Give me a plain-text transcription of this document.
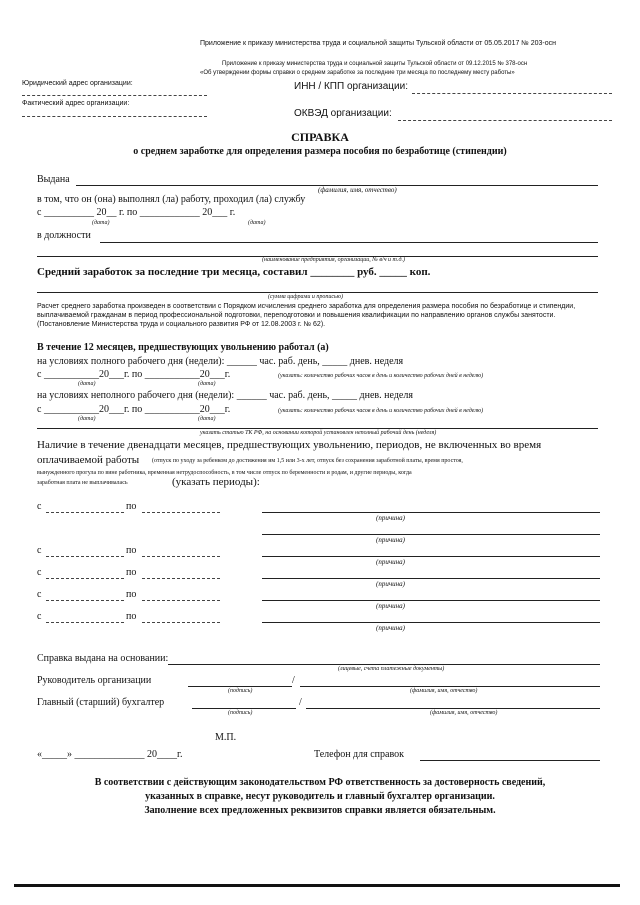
Приложение к приказу министерства труда и социальной защиты Тульской области от 05.05.2017 № 203-осн
Приложение к приказу министерства труда и социальной защиты Тульской области от 09.12.2015 № 378-осн
«Об утверждении формы справки о среднем заработке за последние три месяца по последнему месту работы»
Юридический адрес организации:	ИНН / КПП организации:
Фактический адрес организации:
ОКВЭД организации:
СПРАВКА
о среднем заработке для определения размера пособия по безработице (стипендии)
Выдана
(фамилия, имя, отчество)
в том, что он (она) выполнял (ла) работу, проходил (ла) службу
с __________ 20__ г. по ____________ 20___ г.
(дата)	(дата)
в должности
(наименование предприятия, организации, № в/ч и т.д.)
Средний заработок за последние три месяца, составил ________ руб. _____ коп.
(сумма цифрами и прописью)
Расчет среднего заработка произведен в соответствии с Порядком исчисления среднего заработка для определения размера пособия по безработице и стипендии, выплачиваемой гражданам в период профессиональной подготовки, переподготовки и повышения квалификации по направлению органов службы занятости. (Постановление Министерства труда и социального развития РФ от 12.08.2003 г. № 62).
В течение 12 месяцев, предшествующих увольнению работал (а)
на условиях полного рабочего дня (недели): ______ час. раб. день, _____ днев. неделя
с ___________20___г. по ___________20___г.	(указать: количество рабочих часов в день и количество рабочих дней в неделю)
(дата)	(дата)
на условиях неполного рабочего дня (недели): ______ час. раб. день, _____ днев. неделя
с ___________20___г. по ___________20___г.	(указать: количество рабочих часов в день и количество рабочих дней в неделю)
(дата)	(дата)
указать статью ТК РФ, на основании которой установлен неполный рабочий день (неделя)
Наличие в течение двенадцати месяцев, предшествующих увольнению, периодов, не включенных во время
оплачиваемой работы (отпуск по уходу за ребенком до достижения им 1,5 или 3-х лет, отпуск без сохранения заработной платы, время простоя,
вынужденного прогула по вине работника, временная нетрудоспособность, в том числе отпуск по беременности и родам, и другие периоды, когда
заработная плата не выплачивалась	(указать периоды):
с	по
(причина)
(причина)
с	по
(причина)
с	по
(причина)
с	по
(причина)
с	по
(причина)
Справка выдана на основании:
(лицевые, счета платежные документы)
Руководитель организации	/
(подпись)	(фамилия, имя, отчество)
Главный (старший) бухгалтер	/
(подпись)	(фамилия, имя, отчество)
М.П.
«_____» ______________ 20____г.	Телефон для справок
В соответствии с действующим законодательством РФ ответственность за достоверность сведений,
указанных в справке, несут руководитель и главный бухгалтер организации.
Заполнение всех предложенных реквизитов справки является обязательным.
